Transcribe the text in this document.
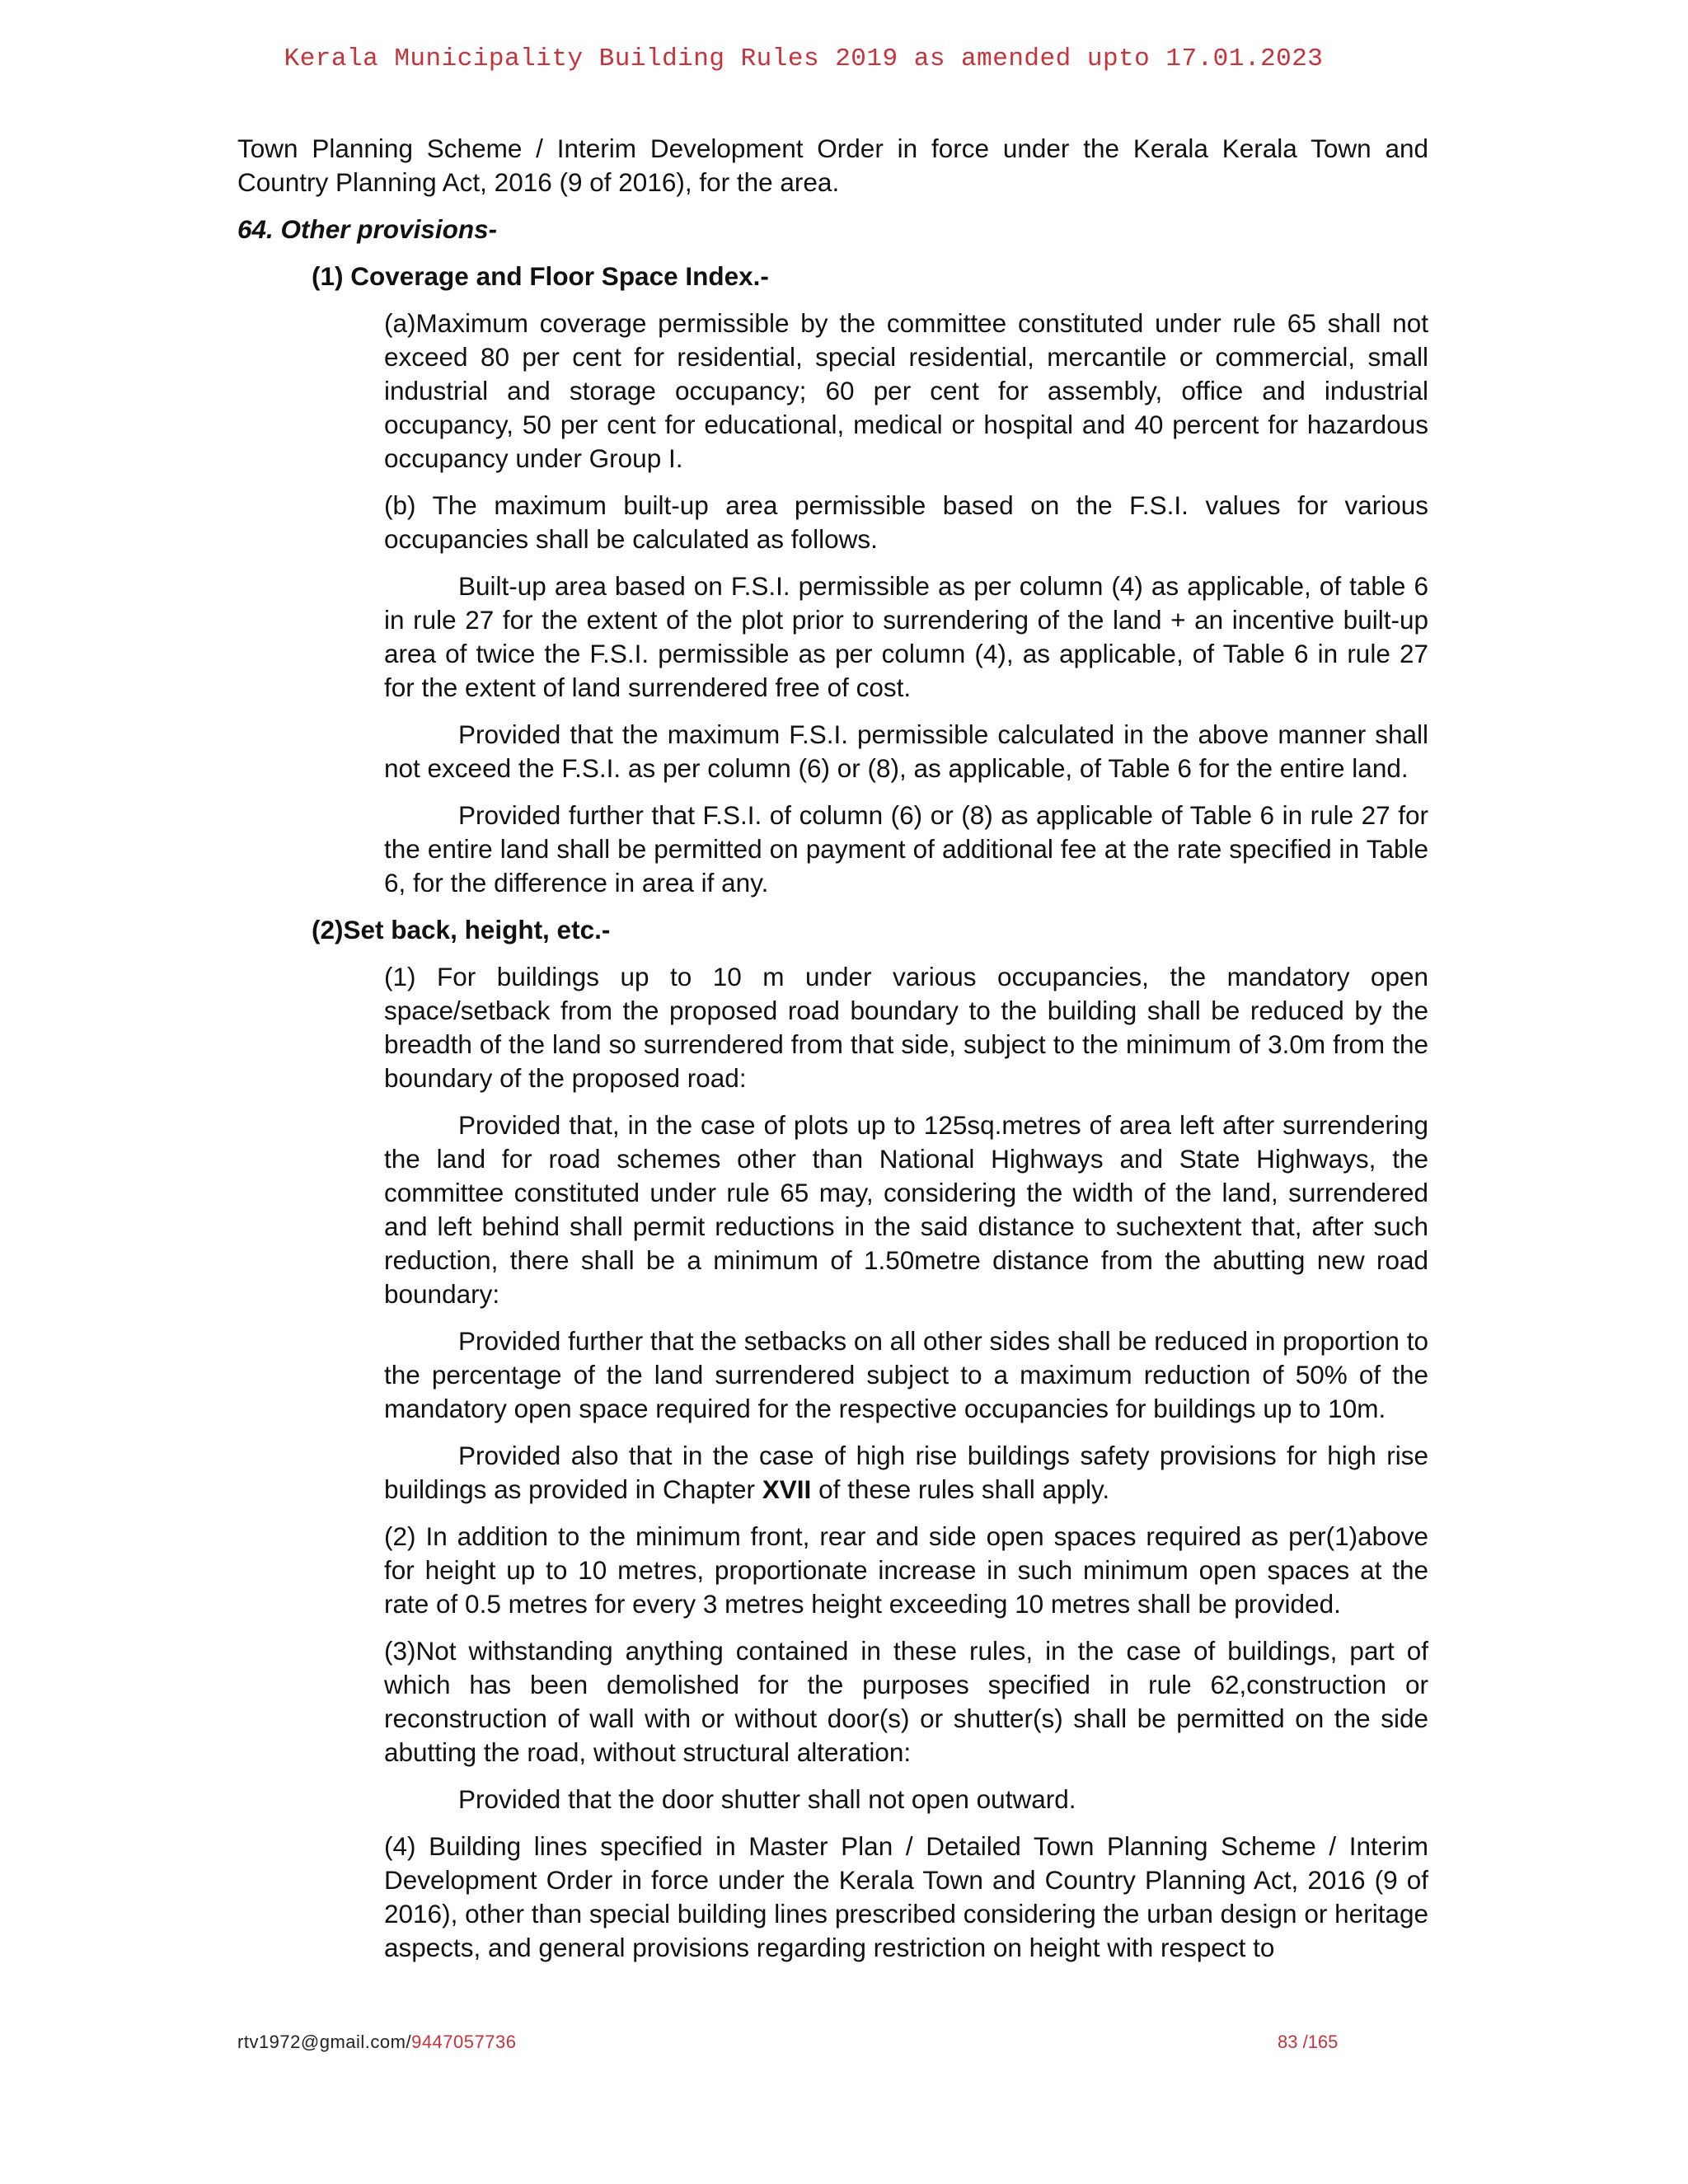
Kerala Municipality Building Rules 2019 as amended upto 17.01.2023

Town Planning Scheme / Interim Development Order in force under the Kerala Kerala Town and Country Planning Act, 2016 (9 of 2016), for the area.

64. Other provisions-
(1) Coverage and Floor Space Index.-

(a)Maximum coverage permissible by the committee constituted under rule 65 shall not exceed 80 per cent for residential, special residential, mercantile or commercial, small industrial and storage occupancy; 60 per cent for assembly, office and industrial occupancy, 50 per cent for educational, medical or hospital and 40 percent for hazardous occupancy under Group I.

(b) The maximum built-up area permissible based on the F.S.I. values for various occupancies shall be calculated as follows.

Built-up area based on F.S.I. permissible as per column (4) as applicable, of table 6 in rule 27 for the extent of the plot prior to surrendering of the land + an incentive built-up area of twice the F.S.I. permissible as per column (4), as applicable, of Table 6 in rule 27 for the extent of land surrendered free of cost.

Provided that the maximum F.S.I. permissible calculated in the above manner shall not exceed the F.S.I. as per column (6) or (8), as applicable, of Table 6 for the entire land.

Provided further that F.S.I. of column (6) or (8) as applicable of Table 6 in rule 27 for the entire land shall be permitted on payment of additional fee at the rate specified in Table 6, for the difference in area if any.

(2)Set back, height, etc.-

(1) For buildings up to 10 m under various occupancies, the mandatory open space/setback from the proposed road boundary to the building shall be reduced by the breadth of the land so surrendered from that side, subject to the minimum of 3.0m from the boundary of the proposed road:

Provided that, in the case of plots up to 125sq.metres of area left after surrendering the land for road schemes other than National Highways and State Highways, the committee constituted under rule 65 may, considering the width of the land, surrendered and left behind shall permit reductions in the said distance to suchextent that, after such reduction, there shall be a minimum of 1.50metre distance from the abutting new road boundary:

Provided further that the setbacks on all other sides shall be reduced in proportion to the percentage of the land surrendered subject to a maximum reduction of 50% of the mandatory open space required for the respective occupancies for buildings up to 10m.

Provided also that in the case of high rise buildings safety provisions for high rise buildings as provided in Chapter XVII of these rules shall apply.

(2) In addition to the minimum front, rear and side open spaces required as per(1)above for height up to 10 metres, proportionate increase in such minimum open spaces at the rate of 0.5 metres for every 3 metres height exceeding 10 metres shall be provided.

(3)Not withstanding anything contained in these rules, in the case of buildings, part of which has been demolished for the purposes specified in rule 62,construction or reconstruction of wall with or without door(s) or shutter(s) shall be permitted on the side abutting the road, without structural alteration:

Provided that the door shutter shall not open outward.

(4) Building lines specified in Master Plan / Detailed Town Planning Scheme / Interim Development Order in force under the Kerala Town and Country Planning Act, 2016 (9 of 2016), other than special building lines prescribed considering the urban design or heritage aspects, and general provisions regarding restriction on height with respect to

rtv1972@gmail.com/9447057736	83 /165
